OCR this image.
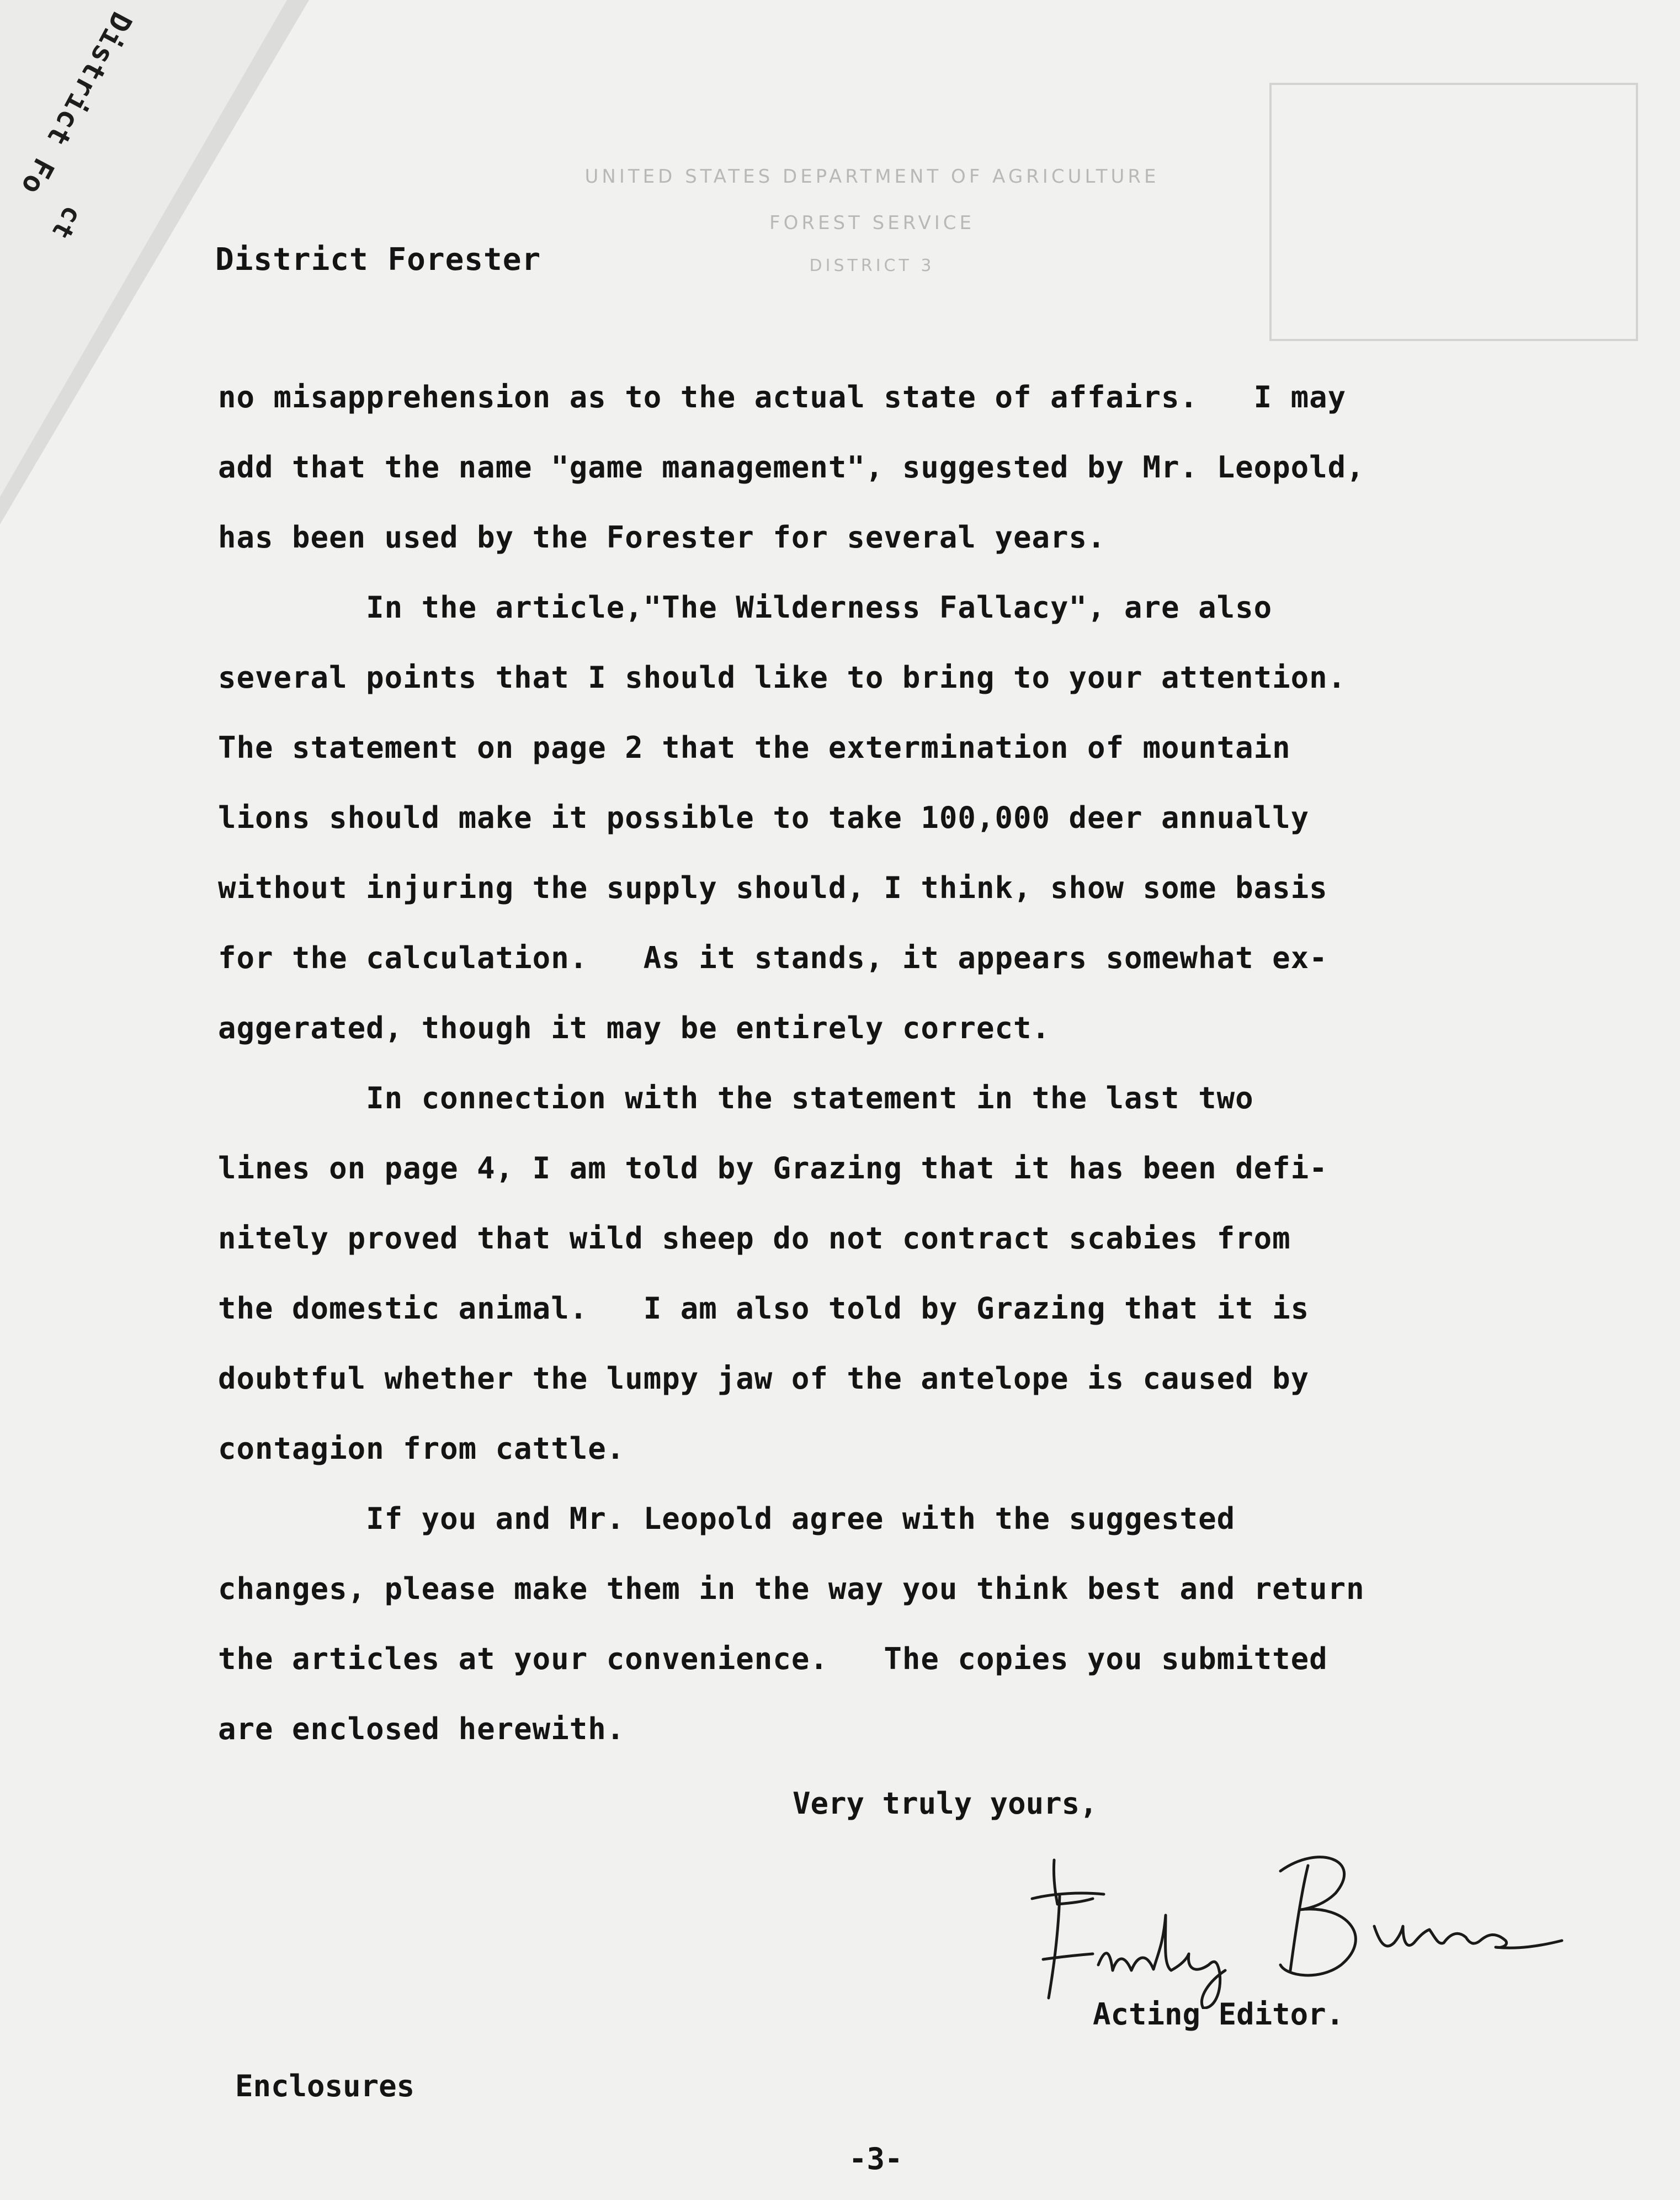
District Fo
ct
UNITED STATES DEPARTMENT OF AGRICULTURE
FOREST SERVICE
DISTRICT 3
District Forester
no misapprehension as to the actual state of affairs.   I may
add that the name "game management", suggested by Mr. Leopold,
has been used by the Forester for several years.
In the article,"The Wilderness Fallacy", are also
several points that I should like to bring to your attention.
The statement on page 2 that the extermination of mountain
lions should make it possible to take 100,000 deer annually
without injuring the supply should, I think, show some basis
for the calculation.   As it stands, it appears somewhat ex-
aggerated, though it may be entirely correct.
In connection with the statement in the last two
lines on page 4, I am told by Grazing that it has been defi-
nitely proved that wild sheep do not contract scabies from
the domestic animal.   I am also told by Grazing that it is
doubtful whether the lumpy jaw of the antelope is caused by
contagion from cattle.
If you and Mr. Leopold agree with the suggested
changes, please make them in the way you think best and return
the articles at your convenience.   The copies you submitted
are enclosed herewith.
Very truly yours,
Acting Editor.
Enclosures
-3-
